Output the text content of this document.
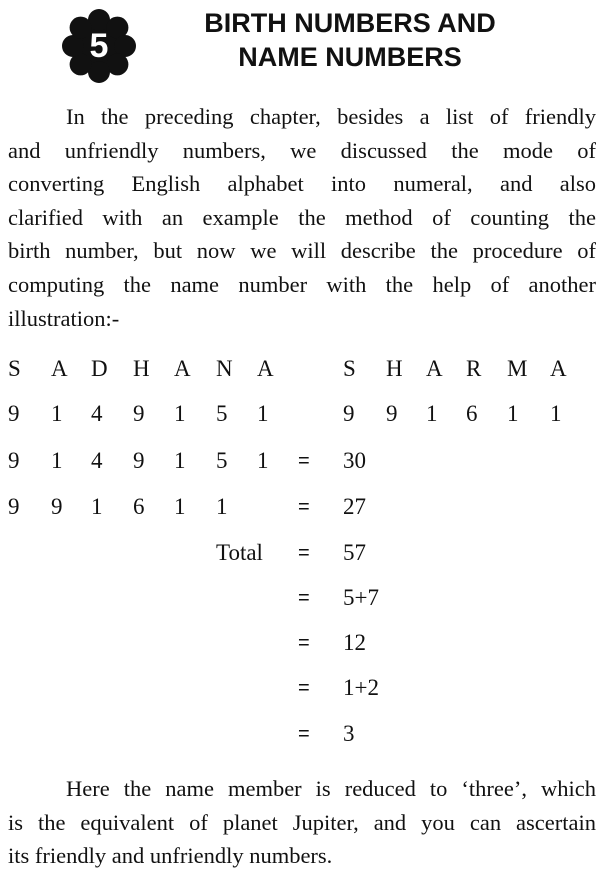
5
BIRTH NUMBERS AND
NAME NUMBERS
In the preceding chapter, besides a list of friendly
and unfriendly numbers, we discussed the mode of
converting English alphabet into numeral, and also
clarified with an example the method of counting the
birth number, but now we will describe the procedure of
computing the name number with the help of another
illustration:-
S A D H A N A	S H A R M A
9 1 4 9 1 5 1	9 9 1 6 1 1
9 1 4 9 1 5 1 = 30
9 9 1 6 1 1	= 27
Total = 57
= 5+7
= 12
= 1+2
= 3
Here the name member is reduced to ‘three’, which
is the equivalent of planet Jupiter, and you can ascertain
its friendly and unfriendly numbers.
